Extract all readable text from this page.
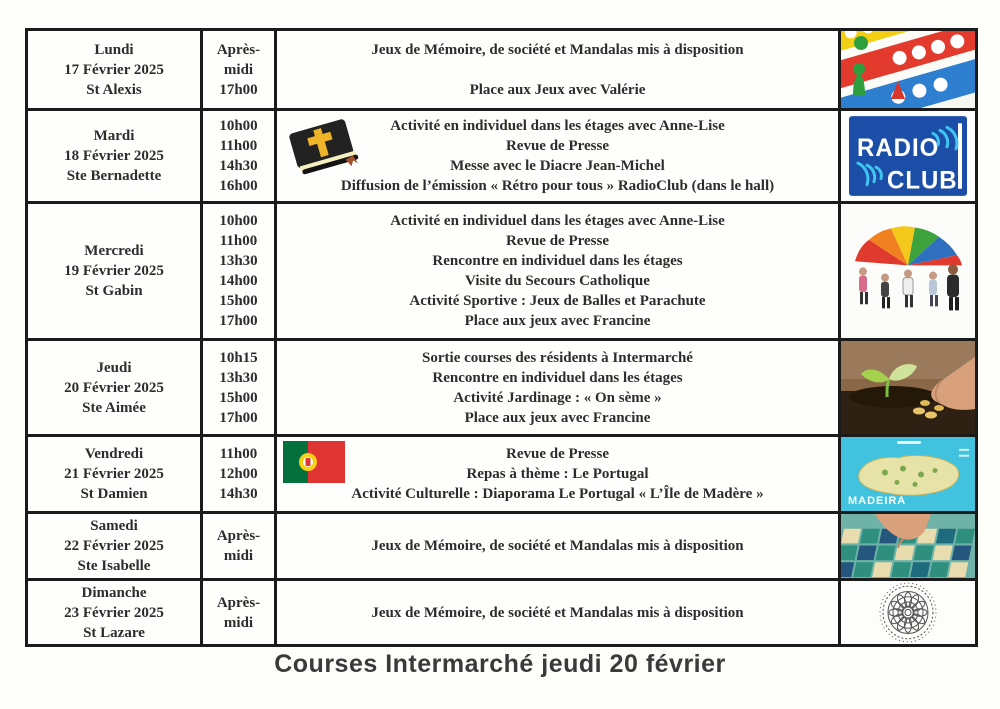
Lundi
17 Février 2025
St Alexis
Après-midi
17h00
Jeux de Mémoire, de société et Mandalas mis à disposition

Place aux Jeux avec Valérie
Mardi
18 Février 2025
Ste Bernadette
10h00
11h00
14h30
16h00
Activité en individuel dans les étages avec Anne-Lise
Revue de Presse
Messe avec le Diacre Jean-Michel
Diffusion de l’émission « Rétro pour tous » RadioClub (dans le hall)
RADIO
CLUB
Mercredi
19 Février 2025
St Gabin
10h00
11h00
13h30
14h00
15h00
17h00
Activité en individuel dans les étages avec Anne-Lise
Revue de Presse
Rencontre en individuel dans les étages
Visite du Secours Catholique
Activité Sportive : Jeux de Balles et Parachute
Place aux jeux avec Francine
Jeudi
20 Février 2025
Ste Aimée
10h15
13h30
15h00
17h00
Sortie courses des résidents à Intermarché
Rencontre en individuel dans les étages
Activité Jardinage : « On sème »
Place aux jeux avec Francine
Vendredi
21 Février 2025
St Damien
11h00
12h00
14h30
Revue de Presse
Repas à thème : Le Portugal
Activité Culturelle : Diaporama Le Portugal « L’Île de Madère »	MADEIRA
Samedi
22 Février 2025
Ste Isabelle
Après-midi
Jeux de Mémoire, de société et Mandalas mis à disposition
Dimanche
23 Février 2025
St Lazare
Après-midi
Jeux de Mémoire, de société et Mandalas mis à disposition
Courses Intermarché jeudi 20 février
